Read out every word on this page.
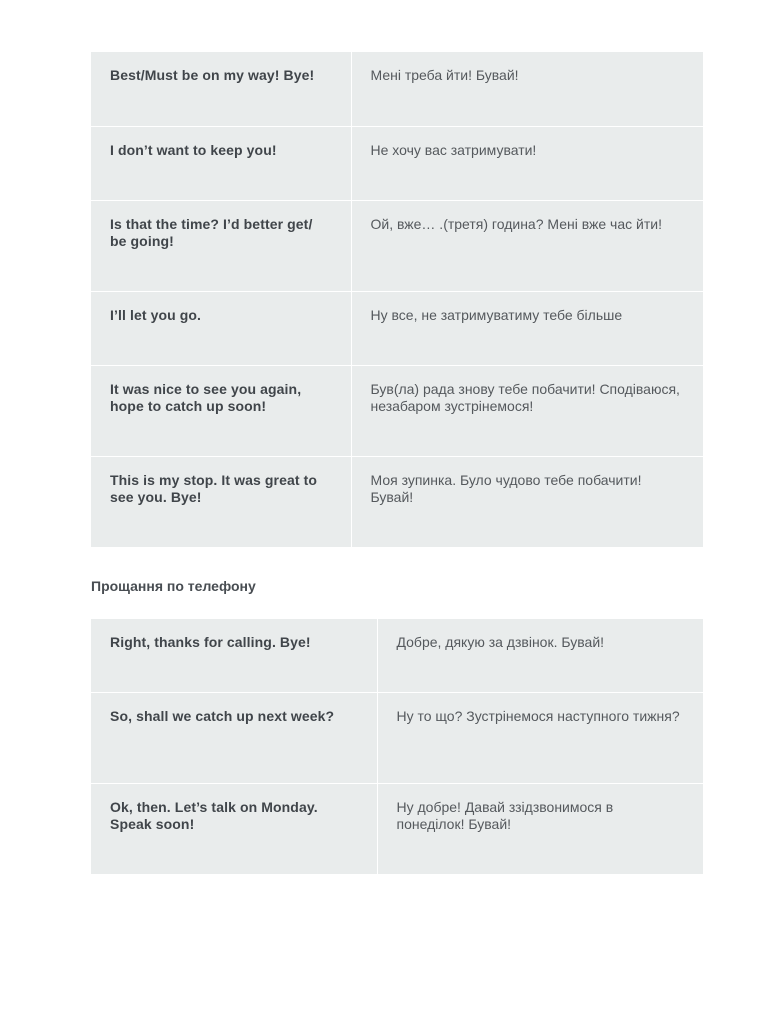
Best/Must be on my way! Bye!	Мені треба йти! Бувай!
I don’t want to keep you!	Не хочу вас затримувати!
Is that the time? I’d better get/ be going!	Ой, вже… .(третя) година? Мені вже час йти!
I’ll let you go.	Ну все, не затримуватиму тебе більше
It was nice to see you again, hope to catch up soon!	Був(ла) рада знову тебе побачити! Сподіваюся, незабаром зустрінемося!
This is my stop. It was great to see you. Bye!	Моя зупинка. Було чудово тебе побачити! Бувай!
Прощання по телефону
Right, thanks for calling. Bye!	Добре, дякую за дзвінок. Бувай!
So, shall we catch up next week?	Ну то що? Зустрінемося наступного тижня?
Ok, then. Let’s talk on Monday. Speak soon!	Ну добре! Давай ззідзвонимося в понеділок! Бувай!
